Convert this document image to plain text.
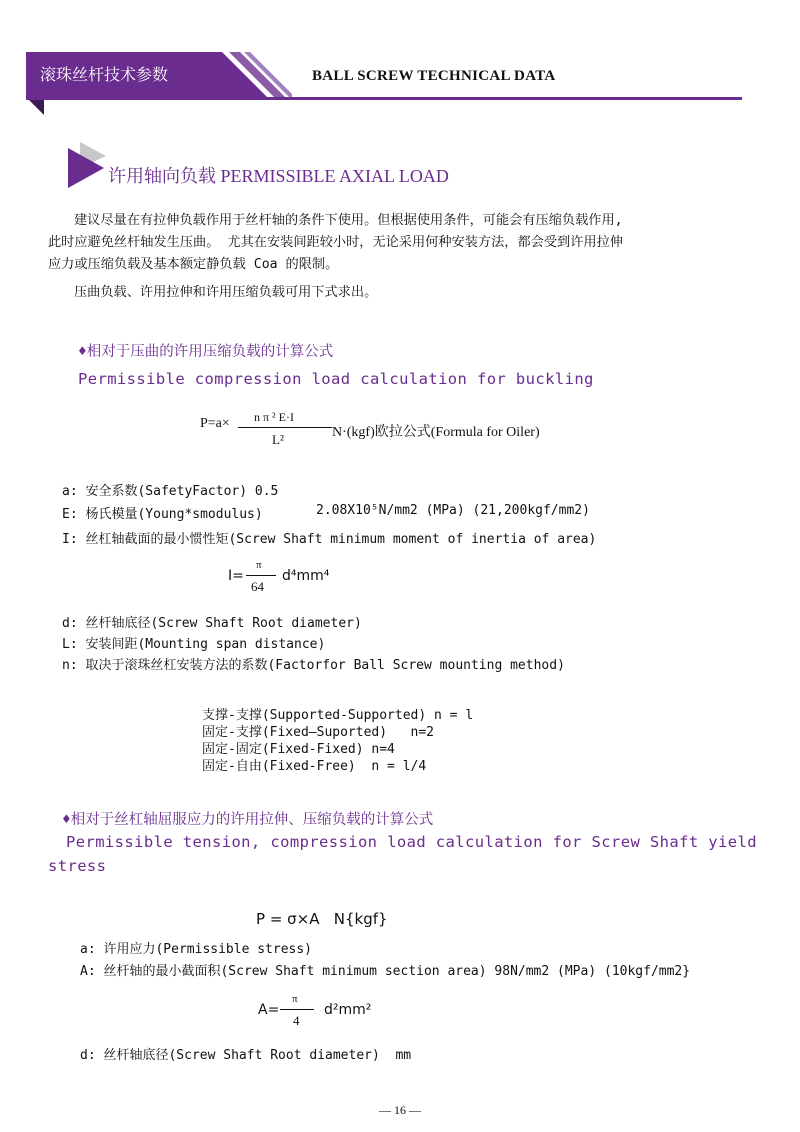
滚珠丝杆技术参数	BALL SCREW TECHNICAL DATA
许用轴向负载 PERMISSIBLE AXIAL LOAD
建议尽量在有拉伸负载作用于丝杆轴的条件下使用。但根据使用条件，可能会有压缩负载作用,
此时应避免丝杆轴发生压曲。 尤其在安装间距较小时，无论采用何种安装方法，都会受到许用拉伸
应力或压缩负载及基本额定静负载 Coa 的限制。
压曲负载、许用拉伸和许用压缩负载可用下式求出。
♦相对于压曲的许用压缩负载的计算公式
Permissible compression load calculation for buckling
P=a× n π ² E·I
L²	N·(kgf)欧拉公式(Formula for Oiler)
a: 安全系数(SafetyFactor) 0.5
E: 杨氏模量(Young*smodulus)	2.08X10⁵N/mm2 (MPa) (21,200kgf/mm2)
I: 丝杠轴截面的最小惯性矩(Screw Shaft minimum moment of inertia of area)
I=
π
64
d⁴mm⁴
d: 丝杆轴底径(Screw Shaft Root diameter)
L: 安装间距(Mounting span distance)
n: 取决于滚珠丝杠安装方法的系数(Factorfor Ball Screw mounting method)
支撑-支撑(Supported-Supported) n = l
固定-支撑(Fixed—Suported)   n=2
固定-固定(Fixed-Fixed) n=4
固定-自由(Fixed-Free)  n = l/4
♦相对于丝杠轴屈服应力的许用拉伸、压缩负载的计算公式
Permissible tension, compression load calculation for Screw Shaft yield
stress
P = σ×A   N{kgf}
a: 许用应力(Permissible stress)
A: 丝杆轴的最小截面积(Screw Shaft minimum section area) 98N/mm2 (MPa) (10kgf/mm2}
A=
π
4
d²mm²
d: 丝杆轴底径(Screw Shaft Root diameter)  mm
— 16 —
